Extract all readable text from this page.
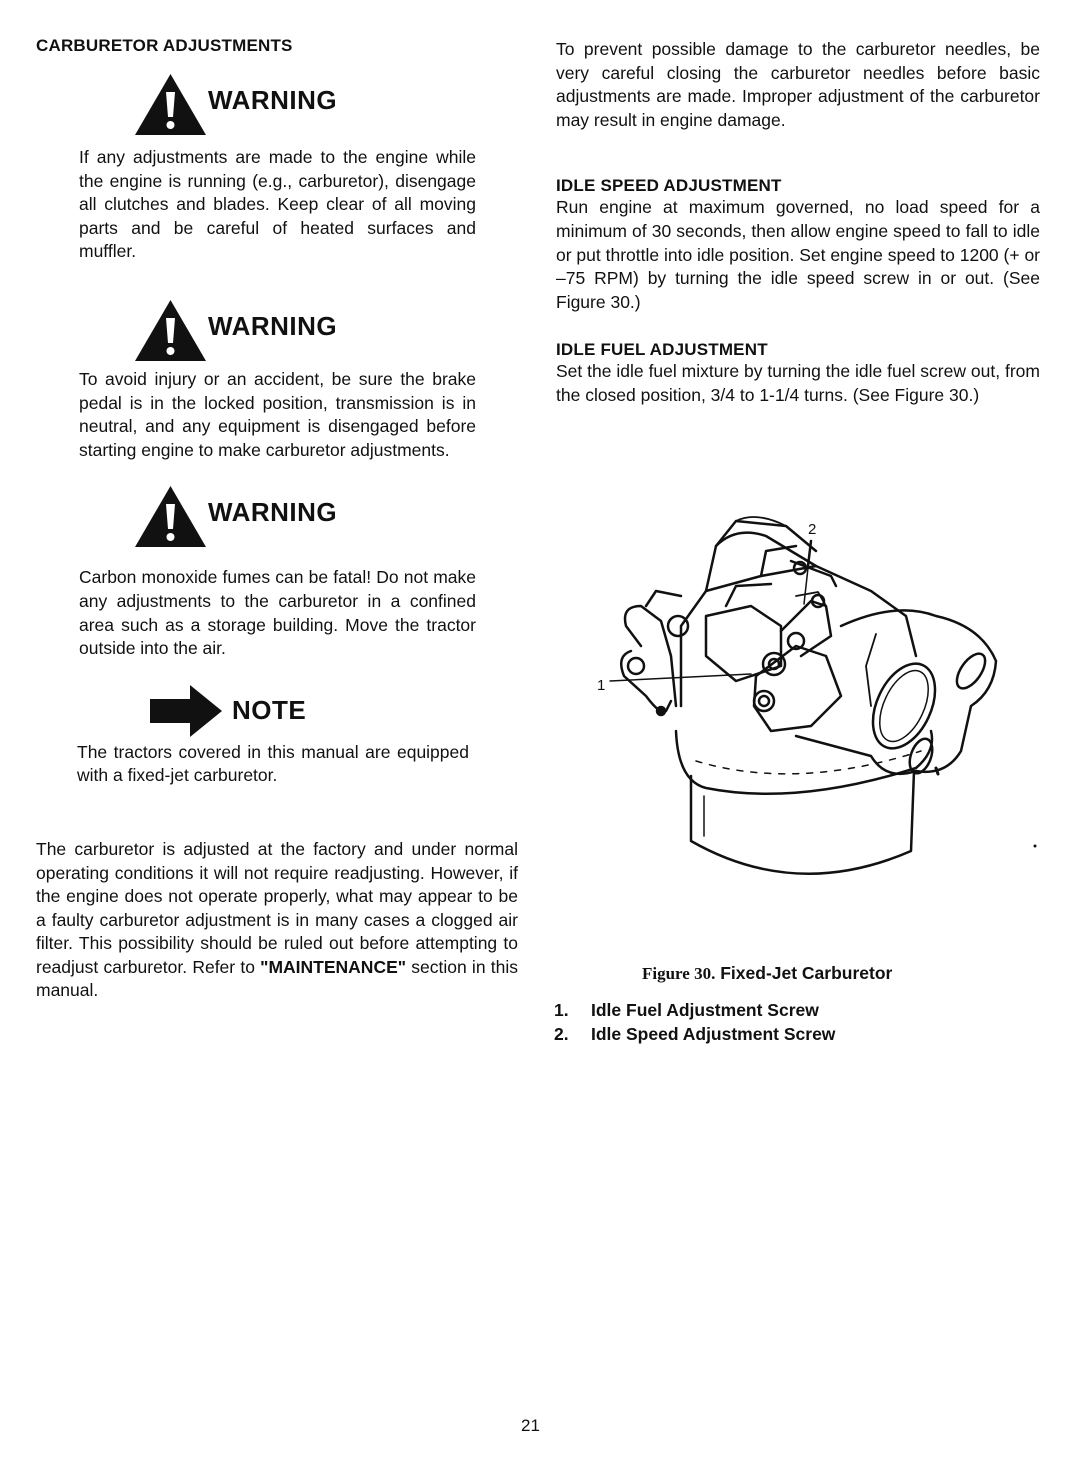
CARBURETOR ADJUSTMENTS

WARNING

If any adjustments are made to the engine while the engine is running (e.g., carburetor), disengage all clutches and blades. Keep clear of all moving parts and be careful of heated surfaces and muffler.

WARNING

To avoid injury or an accident, be sure the brake pedal is in the locked position, transmission is in neutral, and any equipment is disengaged before starting engine to make carburetor adjustments.

WARNING

Carbon monoxide fumes can be fatal! Do not make any adjustments to the carburetor in a confined area such as a storage building. Move the tractor outside into the air.

NOTE

The tractors covered in this manual are equipped with a fixed-jet carburetor.

The carburetor is adjusted at the factory and under normal operating conditions it will not require readjusting. However, if the engine does not operate properly, what may appear to be a faulty carburetor adjustment is in many cases a clogged air filter. This possibility should be ruled out before attempting to readjust carburetor. Refer to "MAINTENANCE" section in this manual.

To prevent possible damage to the carburetor needles, be very careful closing the carburetor needles before basic adjustments are made. Improper adjustment of the carburetor may result in engine damage.

IDLE SPEED ADJUSTMENT

Run engine at maximum governed, no load speed for a minimum of 30 seconds, then allow engine speed to fall to idle or put throttle into idle position. Set engine speed to 1200 (+ or –75 RPM) by turning the idle speed screw in or out. (See Figure 30.)

IDLE FUEL ADJUSTMENT

Set the idle fuel mixture by turning the idle fuel screw out, from the closed position, 3/4 to 1-1/4 turns. (See Figure 30.)

1
2
Figure 30. Fixed-Jet Carburetor
1. Idle Fuel Adjustment Screw
2. Idle Speed Adjustment Screw
21
